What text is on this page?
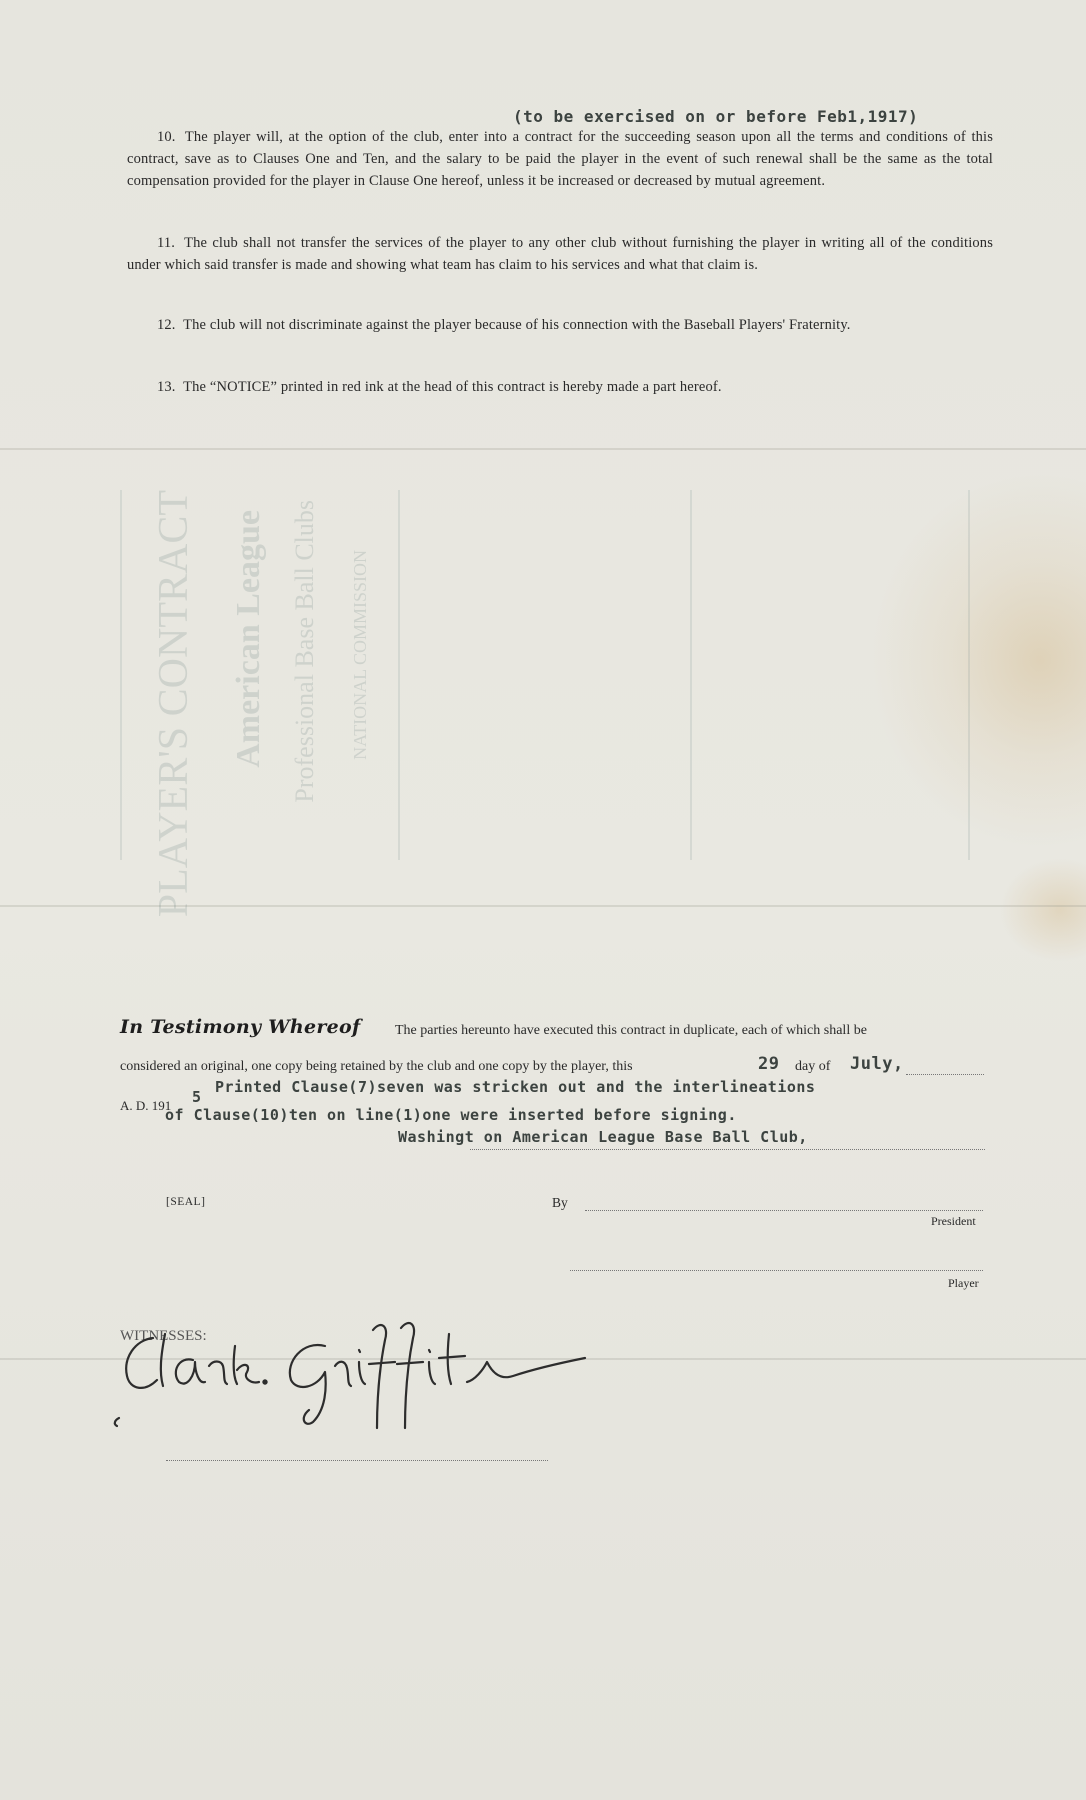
(to be exercised on or before Feb1,1917)
10. The player will, at the option of the club, enter into a contract for the succeeding season upon all the terms and conditions of this contract, save as to Clauses One and Ten, and the salary to be paid the player in the event of such renewal shall be the same as the total compensation provided for the player in Clause One hereof, unless it be increased or decreased by mutual agreement.
11. The club shall not transfer the services of the player to any other club without furnishing the player in writing all of the conditions under which said transfer is made and showing what team has claim to his services and what that claim is.
12. The club will not discriminate against the player because of his connection with the Baseball Players' Fraternity.
13. The “NOTICE” printed in red ink at the head of this contract is hereby made a part hereof.
PLAYER'S CONTRACT American League Professional Base Ball Clubs NATIONAL COMMISSION
In Testimony Whereof The parties hereunto have executed this contract in duplicate, each of which shall be
considered an original, one copy being retained by the club and one copy by the player, this	29 day of July,
A. D. 191 5
Printed Clause(7)seven was stricken out and the interlineations
of Clause(10)ten on line(1)one were inserted before signing.
Washingt on American League Base Ball Club,
[SEAL]	By
President
Player
WITNESSES:
